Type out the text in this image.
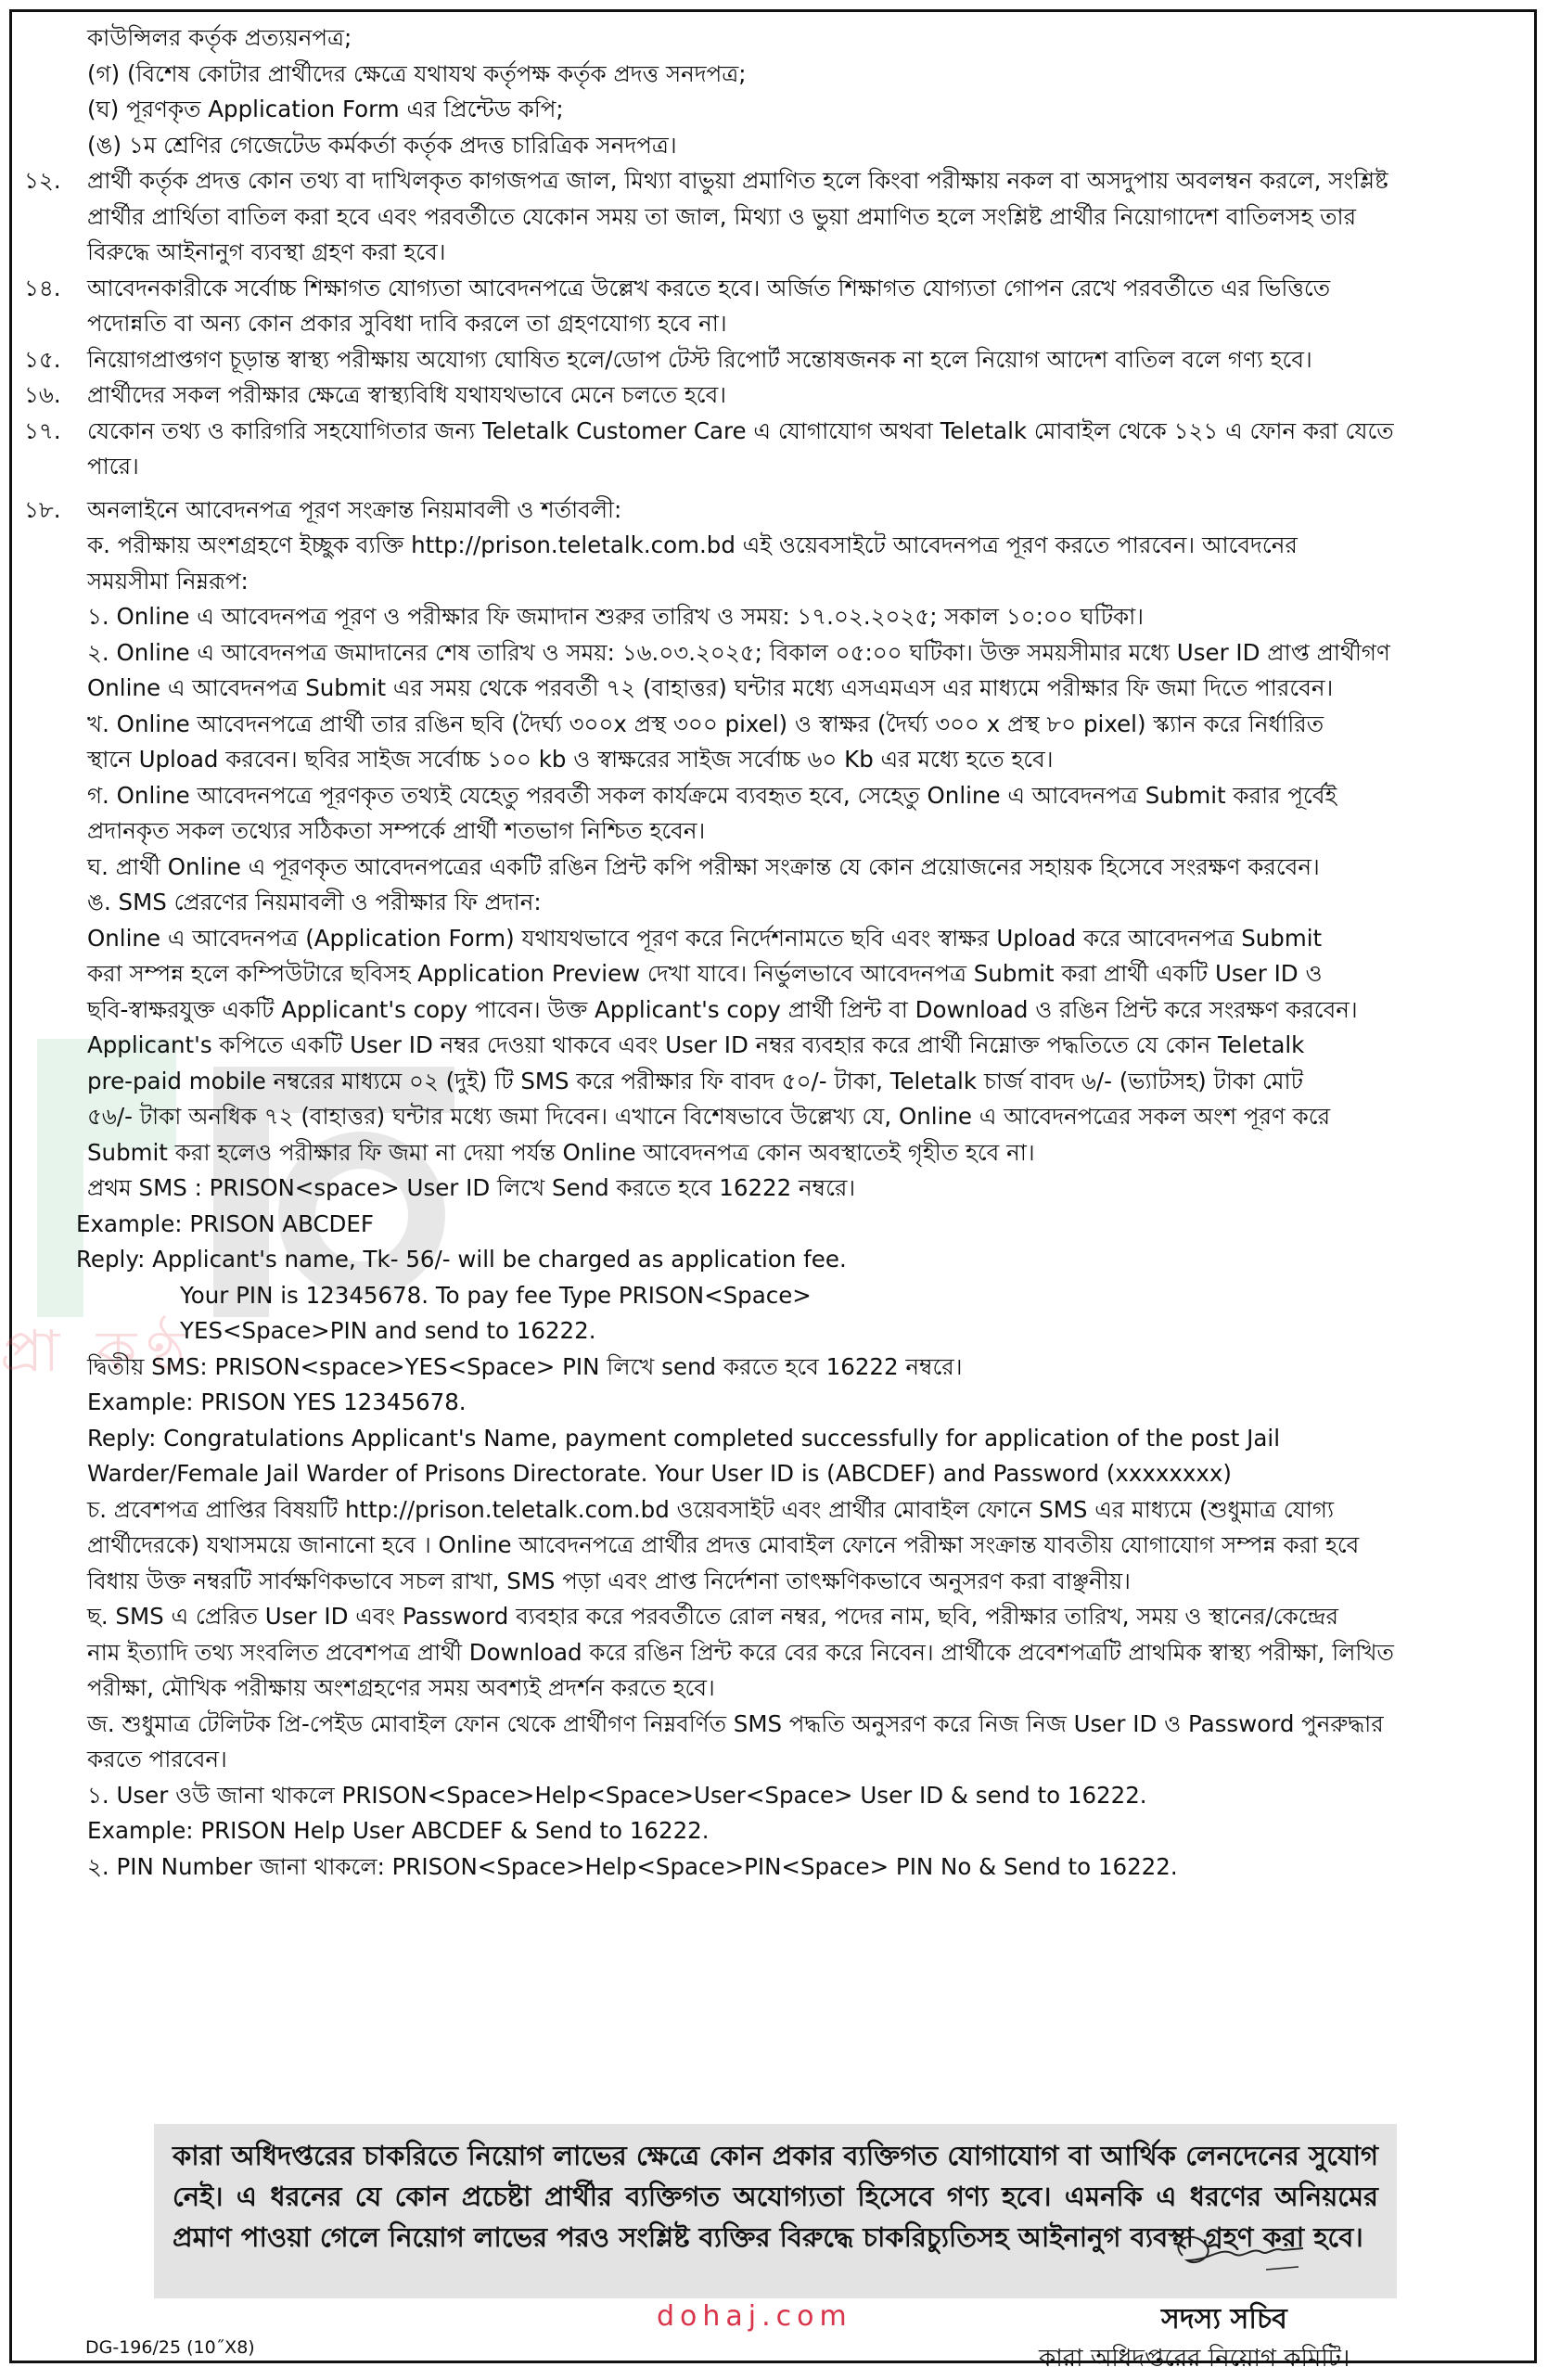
প্রা কণ্ঠ
কাউন্সিলর কর্তৃক প্রত্যয়নপত্র;
(গ) (বিশেষ কোটার প্রার্থীদের ক্ষেত্রে যথাযথ কর্তৃপক্ষ কর্তৃক প্রদত্ত সনদপত্র;
(ঘ) পূরণকৃত Application Form এর প্রিন্টেড কপি;
(ঙ) ১ম শ্রেণির গেজেটেড কর্মকর্তা কর্তৃক প্রদত্ত চারিত্রিক সনদপত্র।
১২.	প্রার্থী কর্তৃক প্রদত্ত কোন তথ্য বা দাখিলকৃত কাগজপত্র জাল, মিথ্যা বাভুয়া প্রমাণিত হলে কিংবা পরীক্ষায় নকল বা অসদুপায় অবলম্বন করলে, সংশ্লিষ্ট
প্রার্থীর প্রার্থিতা বাতিল করা হবে এবং পরবর্তীতে যেকোন সময় তা জাল, মিথ্যা ও ভুয়া প্রমাণিত হলে সংশ্লিষ্ট প্রার্থীর নিয়োগাদেশ বাতিলসহ তার
বিরুদ্ধে আইনানুগ ব্যবস্থা গ্রহণ করা হবে।
১৪.	আবেদনকারীকে সর্বোচ্চ শিক্ষাগত যোগ্যতা আবেদনপত্রে উল্লেখ করতে হবে। অর্জিত শিক্ষাগত যোগ্যতা গোপন রেখে পরবর্তীতে এর ভিত্তিতে
পদোন্নতি বা অন্য কোন প্রকার সুবিধা দাবি করলে তা গ্রহণযোগ্য হবে না।
১৫.	নিয়োগপ্রাপ্তগণ চূড়ান্ত স্বাস্থ্য পরীক্ষায় অযোগ্য ঘোষিত হলে/ডোপ টেস্ট রিপোর্ট সন্তোষজনক না হলে নিয়োগ আদেশ বাতিল বলে গণ্য হবে।
১৬.	প্রার্থীদের সকল পরীক্ষার ক্ষেত্রে স্বাস্থ্যবিধি যথাযথভাবে মেনে চলতে হবে।
১৭.	যেকোন তথ্য ও কারিগরি সহযোগিতার জন্য Teletalk Customer Care এ যোগাযোগ অথবা Teletalk মোবাইল থেকে ১২১ এ ফোন করা যেতে
পারে।
১৮.	অনলাইনে আবেদনপত্র পূরণ সংক্রান্ত নিয়মাবলী ও শর্তাবলী:
ক. পরীক্ষায় অংশগ্রহণে ইচ্ছুক ব্যক্তি http://prison.teletalk.com.bd এই ওয়েবসাইটে আবেদনপত্র পূরণ করতে পারবেন। আবেদনের
সময়সীমা নিম্নরূপ:
১. Online এ আবেদনপত্র পূরণ ও পরীক্ষার ফি জমাদান শুরুর তারিখ ও সময়: ১৭.০২.২০২৫; সকাল ১০:০০ ঘটিকা।
২. Online এ আবেদনপত্র জমাদানের শেষ তারিখ ও সময়: ১৬.০৩.২০২৫; বিকাল ০৫:০০ ঘটিকা। উক্ত সময়সীমার মধ্যে User ID প্রাপ্ত প্রার্থীগণ
Online এ আবেদনপত্র Submit এর সময় থেকে পরবর্তী ৭২ (বাহাত্তর) ঘন্টার মধ্যে এসএমএস এর মাধ্যমে পরীক্ষার ফি জমা দিতে পারবেন।
খ. Online আবেদনপত্রে প্রার্থী তার রঙিন ছবি (দৈর্ঘ্য ৩০০x প্রস্থ ৩০০ pixel) ও স্বাক্ষর (দৈর্ঘ্য ৩০০ x প্রস্থ ৮০ pixel) স্ক্যান করে নির্ধারিত
স্থানে Upload করবেন। ছবির সাইজ সর্বোচ্চ ১০০ kb ও স্বাক্ষরের সাইজ সর্বোচ্চ ৬০ Kb এর মধ্যে হতে হবে।
গ. Online আবেদনপত্রে পূরণকৃত তথ্যই যেহেতু পরবর্তী সকল কার্যক্রমে ব্যবহৃত হবে, সেহেতু Online এ আবেদনপত্র Submit করার পূর্বেই
প্রদানকৃত সকল তথ্যের সঠিকতা সম্পর্কে প্রার্থী শতভাগ নিশ্চিত হবেন।
ঘ. প্রার্থী Online এ পূরণকৃত আবেদনপত্রের একটি রঙিন প্রিন্ট কপি পরীক্ষা সংক্রান্ত যে কোন প্রয়োজনের সহায়ক হিসেবে সংরক্ষণ করবেন।
ঙ. SMS প্রেরণের নিয়মাবলী ও পরীক্ষার ফি প্রদান:
Online এ আবেদনপত্র (Application Form) যথাযথভাবে পূরণ করে নির্দেশনামতে ছবি এবং স্বাক্ষর Upload করে আবেদনপত্র Submit
করা সম্পন্ন হলে কম্পিউটারে ছবিসহ Application Preview দেখা যাবে। নির্ভুলভাবে আবেদনপত্র Submit করা প্রার্থী একটি User ID ও
ছবি-স্বাক্ষরযুক্ত একটি Applicant's copy পাবেন। উক্ত Applicant's copy প্রার্থী প্রিন্ট বা Download ও রঙিন প্রিন্ট করে সংরক্ষণ করবেন।
Applicant's কপিতে একটি User ID নম্বর দেওয়া থাকবে এবং User ID নম্বর ব্যবহার করে প্রার্থী নিম্নোক্ত পদ্ধতিতে যে কোন Teletalk
pre-paid mobile নম্বরের মাধ্যমে ০২ (দুই) টি SMS করে পরীক্ষার ফি বাবদ ৫০/- টাকা, Teletalk চার্জ বাবদ ৬/- (ভ্যাটসহ) টাকা মোট
৫৬/- টাকা অনধিক ৭২ (বাহাত্তর) ঘন্টার মধ্যে জমা দিবেন। এখানে বিশেষভাবে উল্লেখ্য যে, Online এ আবেদনপত্রের সকল অংশ পূরণ করে
Submit করা হলেও পরীক্ষার ফি জমা না দেয়া পর্যন্ত Online আবেদনপত্র কোন অবস্থাতেই গৃহীত হবে না।
প্রথম SMS : PRISON<space> User ID লিখে Send করতে হবে 16222 নম্বরে।
Example: PRISON ABCDEF
Reply: Applicant's name, Tk- 56/- will be charged as application fee.
Your PIN is 12345678. To pay fee Type PRISON<Space>
YES<Space>PIN and send to 16222.
দ্বিতীয় SMS: PRISON<space>YES<Space> PIN লিখে send করতে হবে 16222 নম্বরে।
Example: PRISON YES 12345678.
Reply: Congratulations Applicant's Name, payment completed successfully for application of the post Jail
Warder/Female Jail Warder of Prisons Directorate. Your User ID is (ABCDEF) and Password (xxxxxxxx)
চ. প্রবেশপত্র প্রাপ্তির বিষয়টি http://prison.teletalk.com.bd ওয়েবসাইট এবং প্রার্থীর মোবাইল ফোনে SMS এর মাধ্যমে (শুধুমাত্র যোগ্য
প্রার্থীদেরকে) যথাসময়ে জানানো হবে । Online আবেদনপত্রে প্রার্থীর প্রদত্ত মোবাইল ফোনে পরীক্ষা সংক্রান্ত যাবতীয় যোগাযোগ সম্পন্ন করা হবে
বিধায় উক্ত নম্বরটি সার্বক্ষণিকভাবে সচল রাখা, SMS পড়া এবং প্রাপ্ত নির্দেশনা তাৎক্ষণিকভাবে অনুসরণ করা বাঞ্ছনীয়।
ছ. SMS এ প্রেরিত User ID এবং Password ব্যবহার করে পরবর্তীতে রোল নম্বর, পদের নাম, ছবি, পরীক্ষার তারিখ, সময় ও স্থানের/কেন্দ্রের
নাম ইত্যাদি তথ্য সংবলিত প্রবেশপত্র প্রার্থী Download করে রঙিন প্রিন্ট করে বের করে নিবেন। প্রার্থীকে প্রবেশপত্রটি প্রাথমিক স্বাস্থ্য পরীক্ষা, লিখিত
পরীক্ষা, মৌখিক পরীক্ষায় অংশগ্রহণের সময় অবশ্যই প্রদর্শন করতে হবে।
জ. শুধুমাত্র টেলিটক প্রি-পেইড মোবাইল ফোন থেকে প্রার্থীগণ নিম্নবর্ণিত SMS পদ্ধতি অনুসরণ করে নিজ নিজ User ID ও Password পুনরুদ্ধার
করতে পারবেন।
১. User ওউ জানা থাকলে PRISON<Space>Help<Space>User<Space> User ID & send to 16222.
Example: PRISON Help User ABCDEF & Send to 16222.
২. PIN Number জানা থাকলে: PRISON<Space>Help<Space>PIN<Space> PIN No & Send to 16222.
কারা অধিদপ্তরের চাকরিতে নিয়োগ লাভের ক্ষেত্রে কোন প্রকার ব্যক্তিগত যোগাযোগ বা আর্থিক লেনদেনের সুযোগ নেই। এ ধরনের যে কোন প্রচেষ্টা প্রার্থীর ব্যক্তিগত অযোগ্যতা হিসেবে গণ্য হবে। এমনকি এ ধরণের অনিয়মের প্রমাণ পাওয়া গেলে নিয়োগ লাভের পরও সংশ্লিষ্ট ব্যক্তির বিরুদ্ধে চাকরিচ্যুতিসহ আইনানুগ ব্যবস্থা গ্রহণ করা হবে।
dohaj.com	সদস্য সচিব
কারা অধিদপ্তরের নিয়োগ কমিটি।
DG-196/25 (10˝X8)
